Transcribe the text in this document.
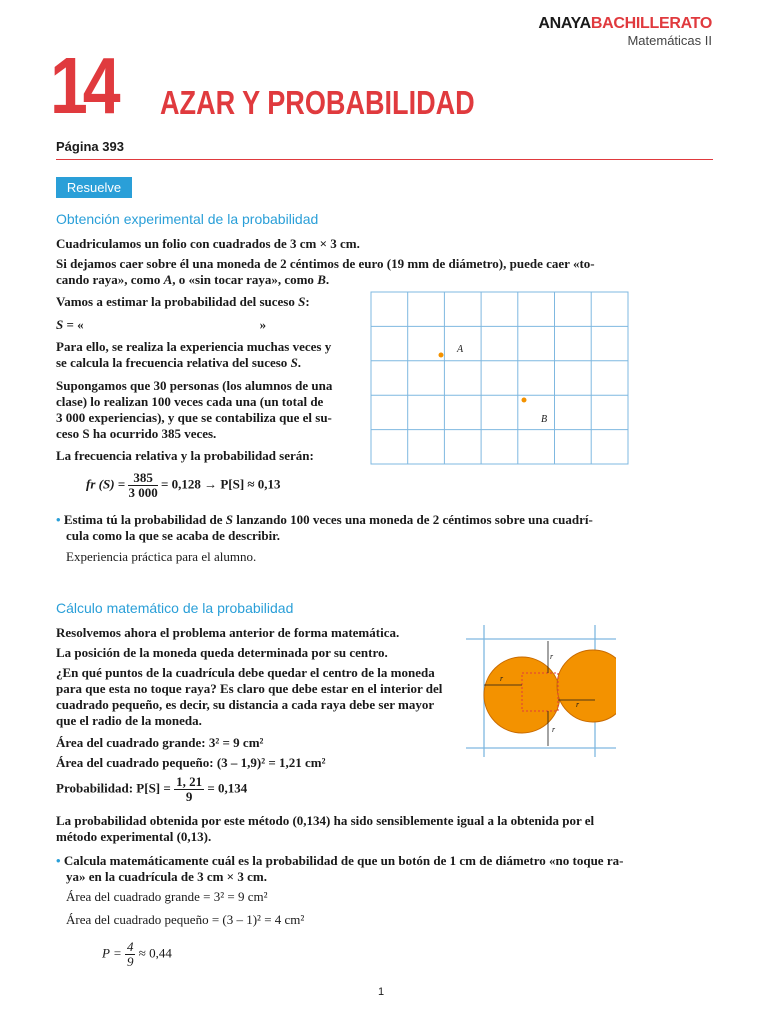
ANAYABACHILLERATO
Matemáticas II
14 AZAR Y PROBABILIDAD
Página 393
Resuelve
Obtención experimental de la probabilidad
Cuadriculamos un folio con cuadrados de 3 cm × 3 cm.
Si dejamos caer sobre él una moneda de 2 céntimos de euro (19 mm de diámetro), puede caer «to-
cando raya», como A, o «sin tocar raya», como B.
Vamos a estimar la probabilidad del suceso S:
S = «	»
Para ello, se realiza la experiencia muchas veces y
se calcula la frecuencia relativa del suceso S.
Supongamos que 30 personas (los alumnos de una
clase) lo realizan 100 veces cada una (un total de
3 000 experiencias), y que se contabiliza que el su-
ceso S ha ocurrido 385 veces.
La frecuencia relativa y la probabilidad serán:
fr $(S) = \frac{385}{3 000} = 0,128 \to P[S] \approx 0,13$
A
B
• Estima tú la probabilidad de S lanzando 100 veces una moneda de 2 céntimos sobre una cuadrí-
cula como la que se acaba de describir.
Experiencia práctica para el alumno.
Cálculo matemático de la probabilidad
Resolvemos ahora el problema anterior de forma matemática.
La posición de la moneda queda determinada por su centro.
¿En qué puntos de la cuadrícula debe quedar el centro de la moneda
para que esta no toque raya? Es claro que debe estar en el interior del
cuadrado pequeño, es decir, su distancia a cada raya debe ser mayor
que el radio de la moneda.
Área del cuadrado grande: 3² = 9 cm²
Área del cuadrado pequeño: (3 – 1,9)² = 1,21 cm²
Probabilidad: $P[S] = \frac{1, 21}{9} = 0,134$
La probabilidad obtenida por este método (0,134) ha sido sensiblemente igual a la obtenida por el
método experimental (0,13).
• Calcula matemáticamente cuál es la probabilidad de que un botón de 1 cm de diámetro «no toque ra-
ya» en la cuadrícula de 3 cm × 3 cm.
Área del cuadrado grande = 3² = 9 cm²
Área del cuadrado pequeño = (3 – 1)² = 4 cm²
$P = \frac{4}{9} \approx 0,44$
r
r
r
r
1
